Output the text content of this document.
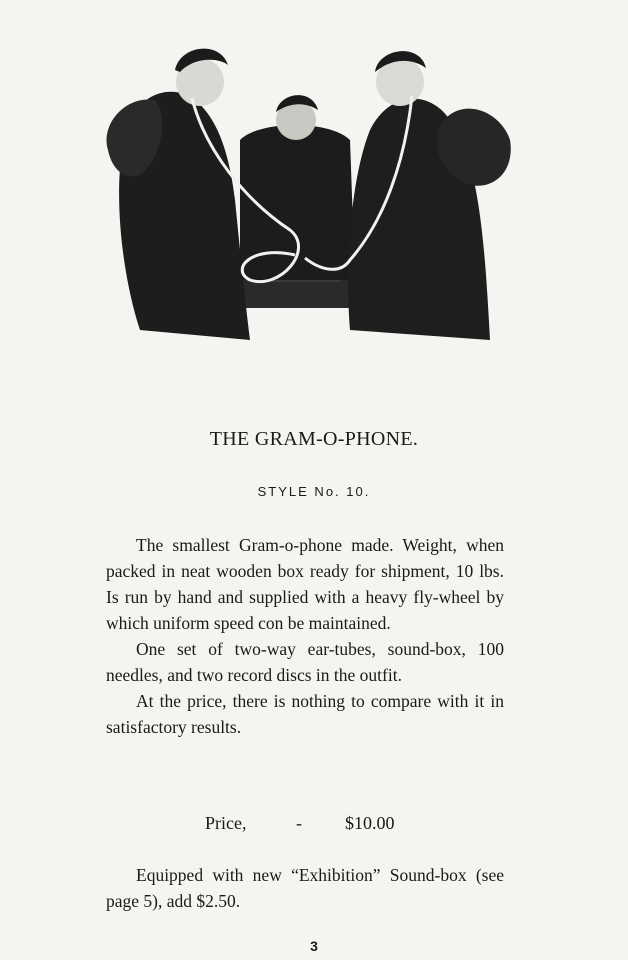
THE GRAM-O-PHONE.
STYLE No. 10.

The smallest Gram-o-phone made. Weight, when packed in neat wooden box ready for shipment, 10 lbs. Is run by hand and supplied with a heavy fly-wheel by which uniform speed con be maintained.

One set of two-way ear-tubes, sound-box, 100 needles, and two record discs in the outfit.

At the price, there is nothing to compare with it in satisfactory results.

Price,	- $10.00

Equipped with new “Exhibition” Sound-box (see page 5), add $2.50.

3
